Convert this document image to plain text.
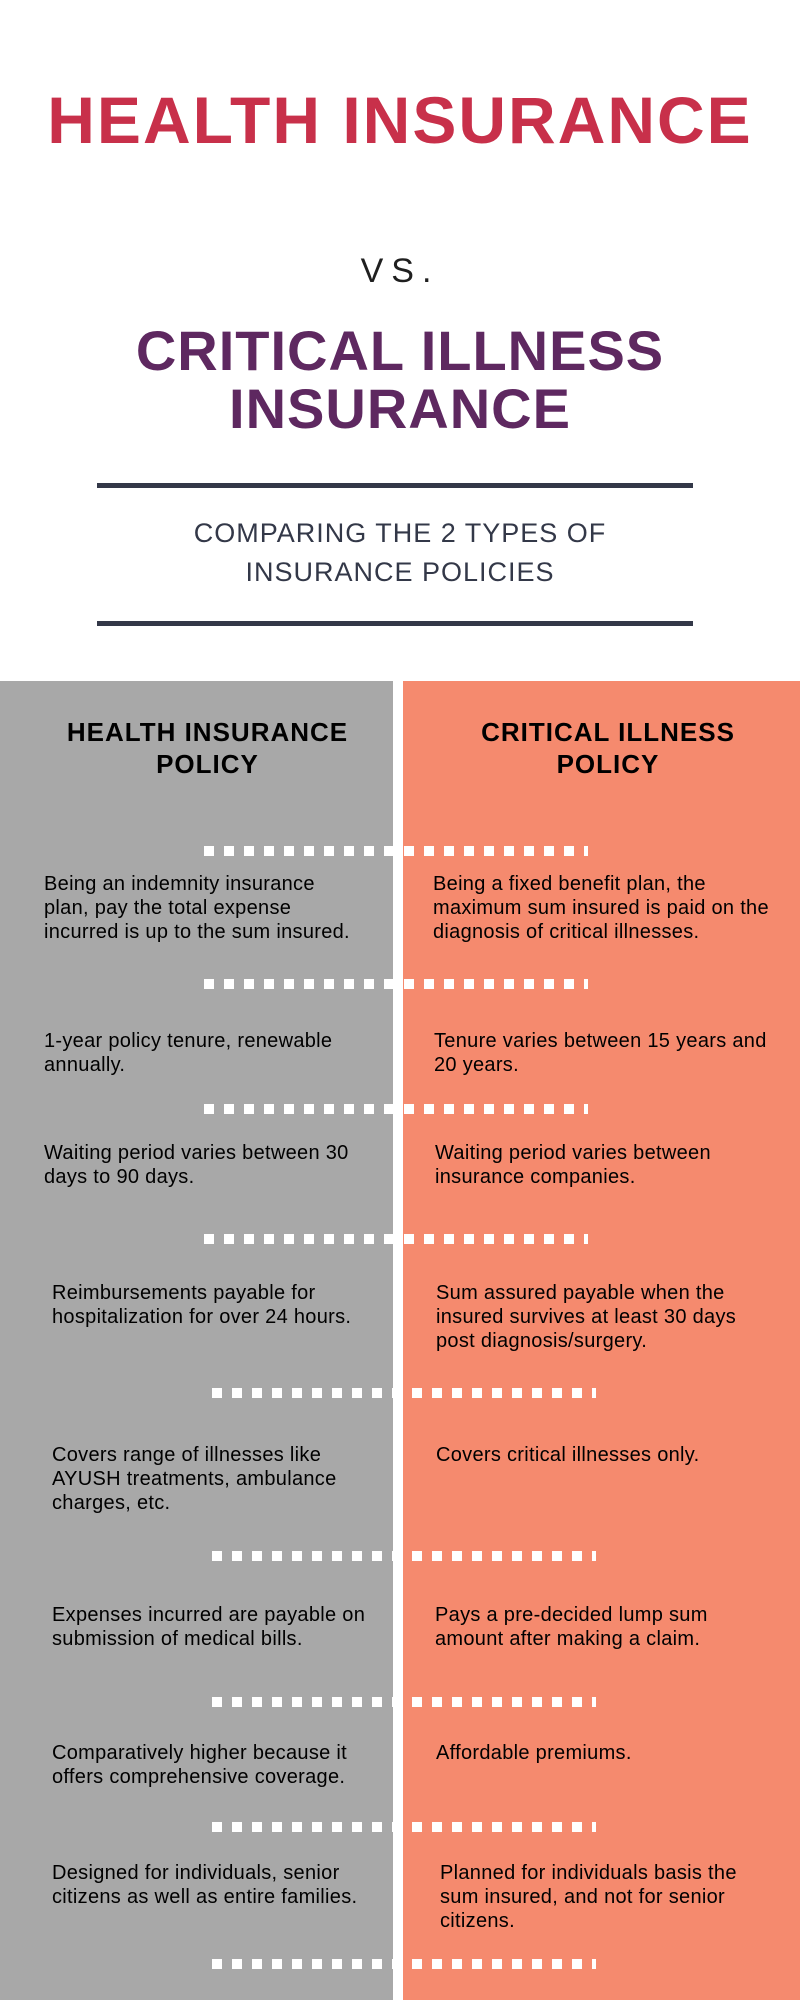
HEALTH INSURANCE
VS.
CRITICAL ILLNESS INSURANCE
COMPARING THE 2 TYPES OF INSURANCE POLICIES
HEALTH INSURANCE POLICY
CRITICAL ILLNESS POLICY
Being an indemnity insurance plan, pay the total expense incurred is up to the sum insured.
Being a fixed benefit plan, the maximum sum insured is paid on the diagnosis of critical illnesses.
1-year policy tenure, renewable annually.
Tenure varies between 15 years and 20 years.
Waiting period varies between 30 days to 90 days.
Waiting period varies between insurance companies.
Reimbursements payable for hospitalization for over 24 hours.
Sum assured payable when the insured survives at least 30 days post diagnosis/surgery.
Covers range of illnesses like AYUSH treatments, ambulance charges, etc.
Covers critical illnesses only.
Expenses incurred are payable on submission of medical bills.
Pays a pre-decided lump sum amount after making a claim.
Comparatively higher because it offers comprehensive coverage.
Affordable premiums.
Designed for individuals, senior citizens as well as entire families.
Planned for individuals basis the sum insured, and not for senior citizens.
